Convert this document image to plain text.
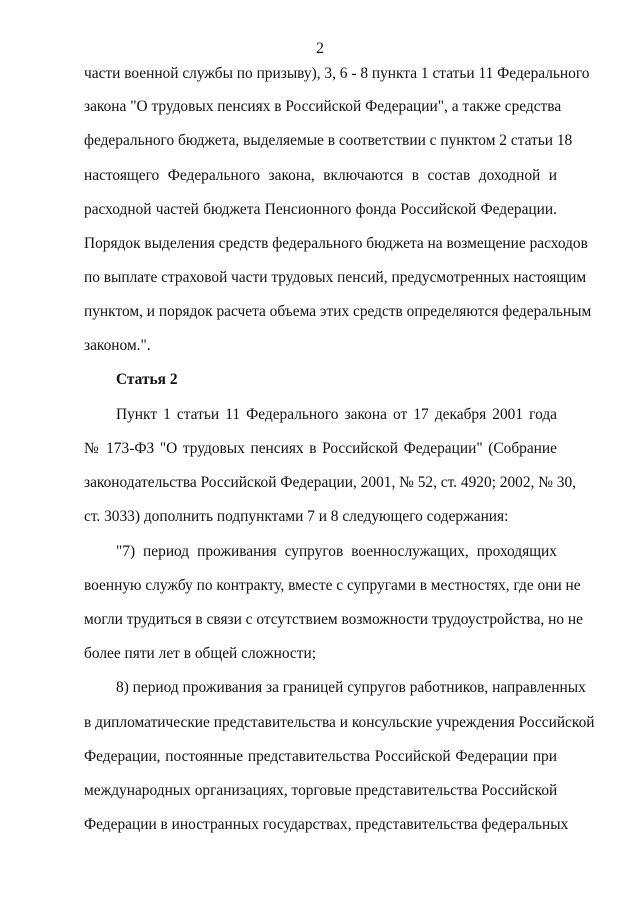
2
части военной службы по призыву), 3, 6 - 8 пункта 1 статьи 11 Федерального
закона "О трудовых пенсиях в Российской Федерации", а также средства
федерального бюджета, выделяемые в соответствии с пунктом 2 статьи 18
настоящего Федерального закона, включаются в состав доходной и
расходной частей бюджета Пенсионного фонда Российской Федерации.
Порядок выделения средств федерального бюджета на возмещение расходов
по выплате страховой части трудовых пенсий, предусмотренных настоящим
пунктом, и порядок расчета объема этих средств определяются федеральным
законом.".
Статья 2
Пункт 1 статьи 11 Федерального закона от 17 декабря 2001 года
№ 173-ФЗ "О трудовых пенсиях в Российской Федерации" (Собрание
законодательства Российской Федерации, 2001, № 52, ст. 4920; 2002, № 30,
ст. 3033) дополнить подпунктами 7 и 8 следующего содержания:
"7) период проживания супругов военнослужащих, проходящих
военную службу по контракту, вместе с супругами в местностях, где они не
могли трудиться в связи с отсутствием возможности трудоустройства, но не
более пяти лет в общей сложности;
8) период проживания за границей супругов работников, направленных
в дипломатические представительства и консульские учреждения Российской
Федерации, постоянные представительства Российской Федерации при
международных организациях, торговые представительства Российской
Федерации в иностранных государствах, представительства федеральных
